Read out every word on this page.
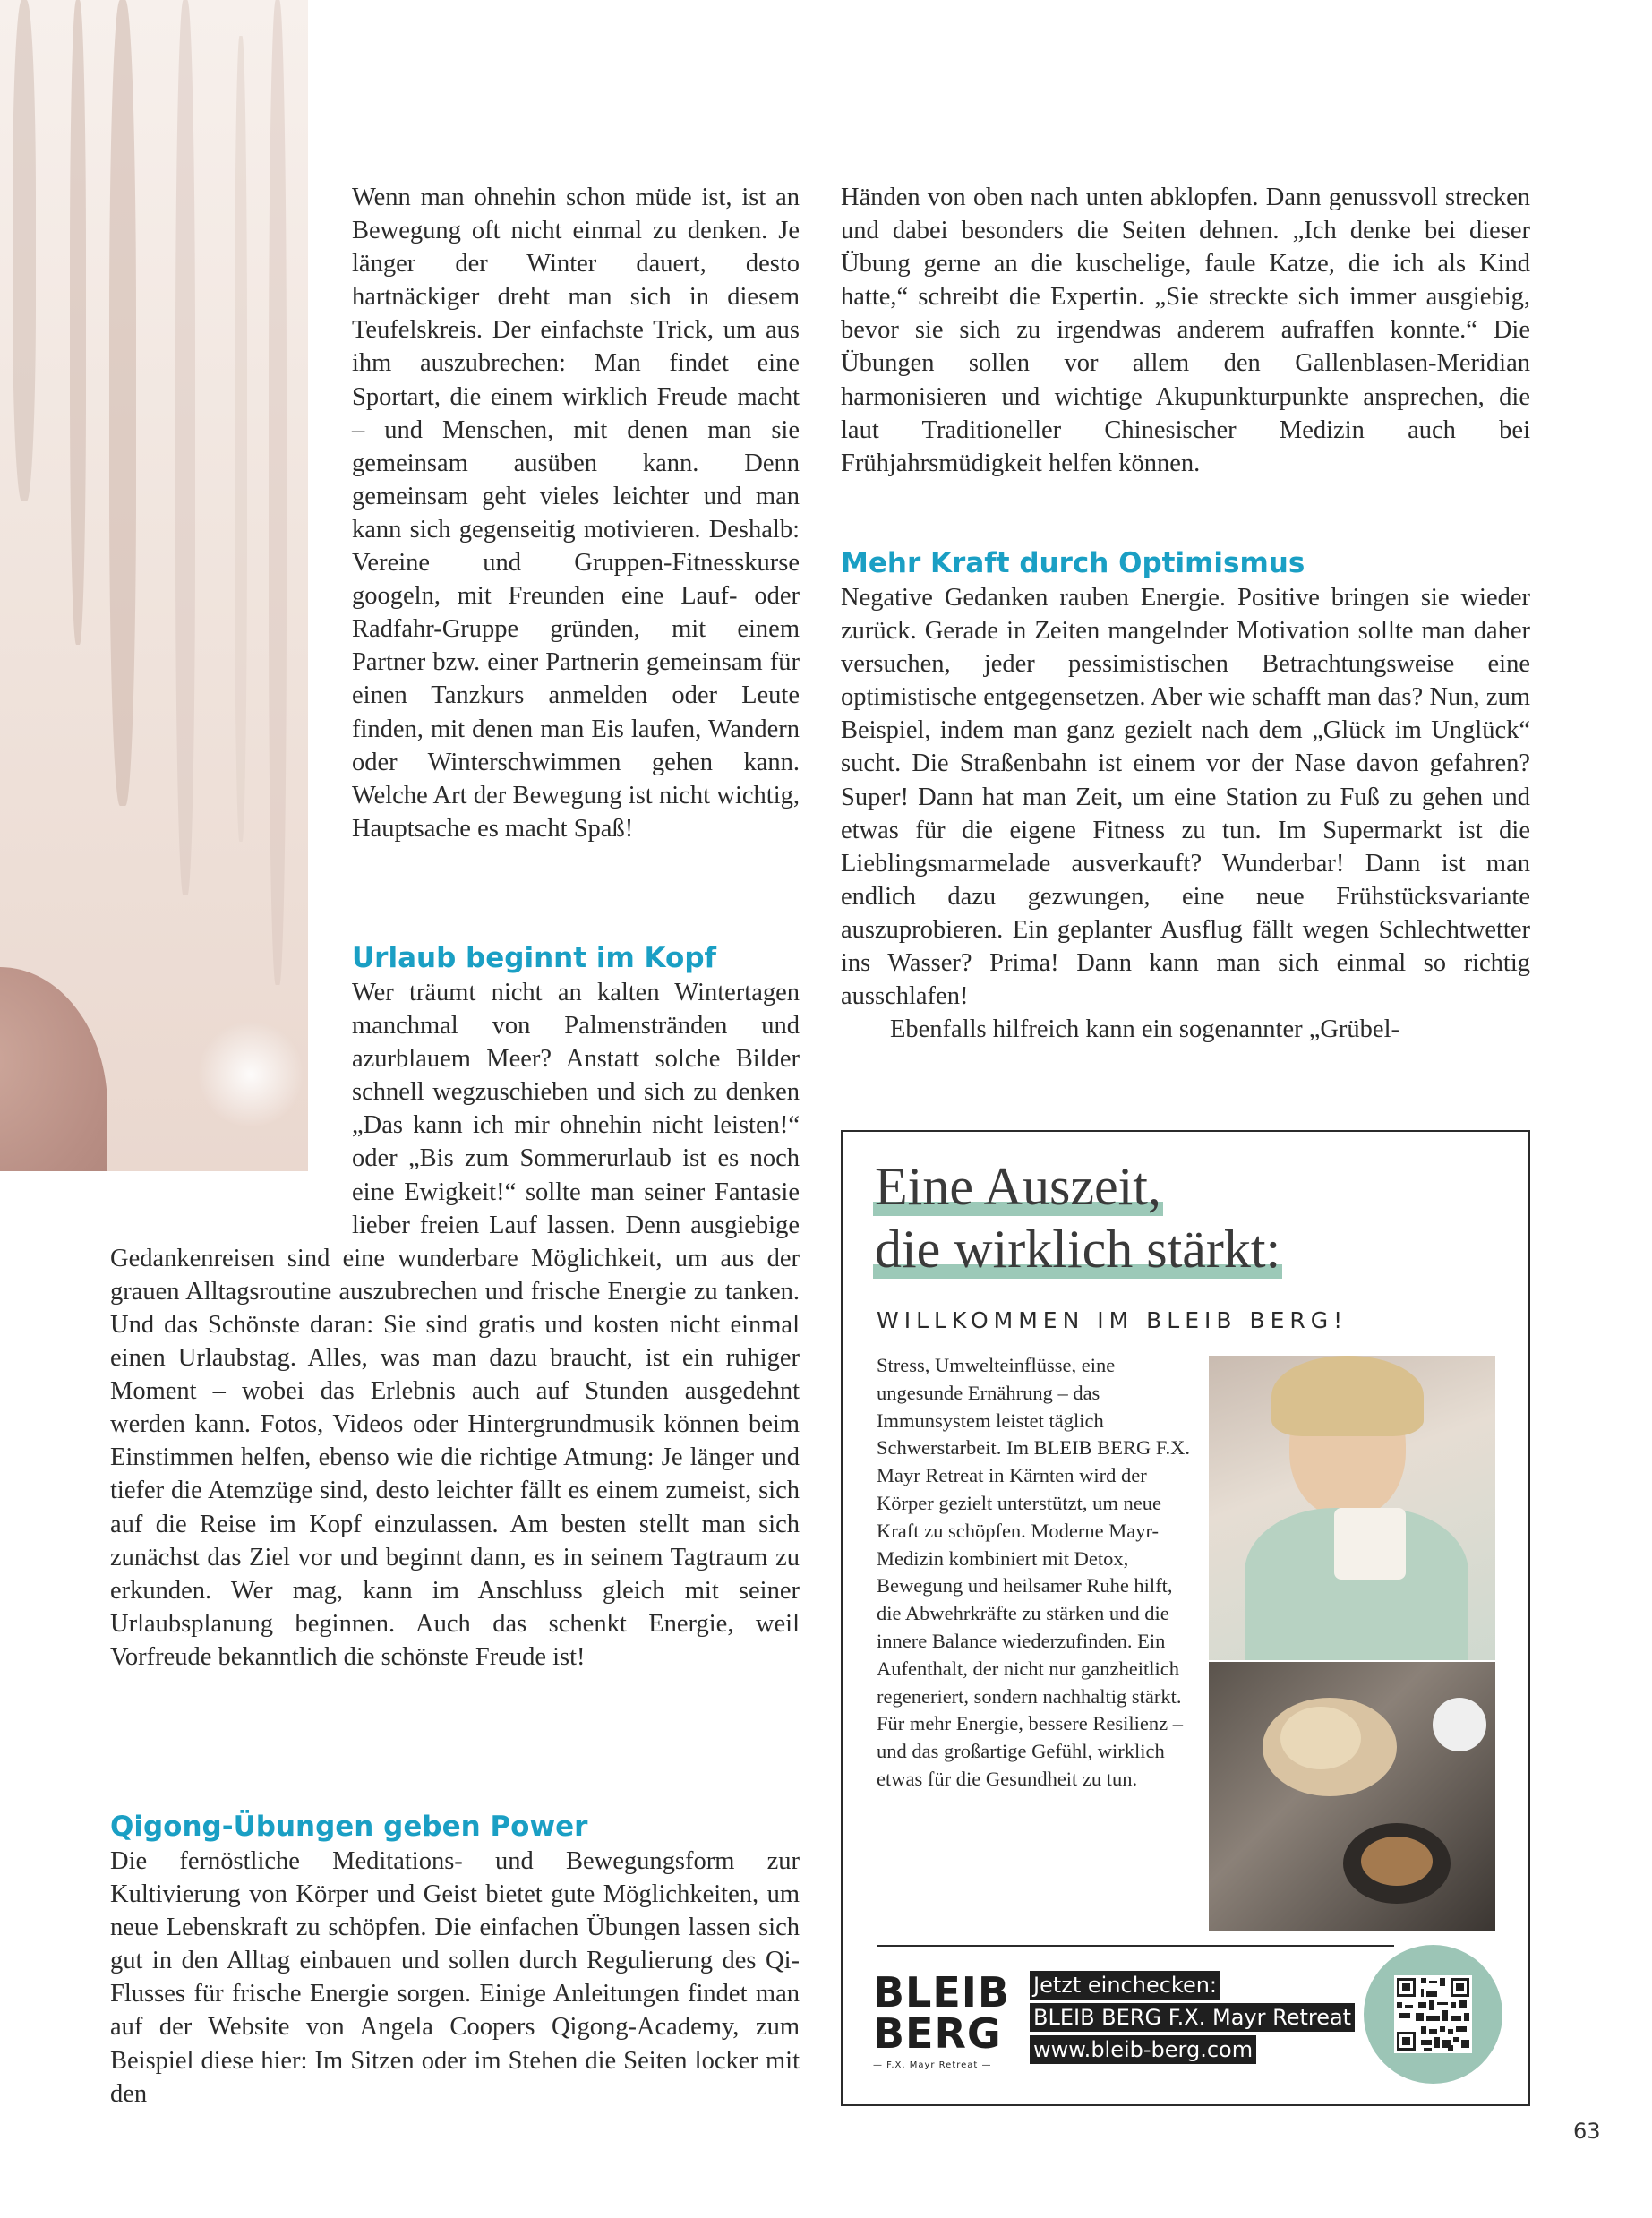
Wenn man ohnehin schon müde ist, ist an Bewegung oft nicht einmal zu denken. Je länger der Winter dauert, desto hartnäckiger dreht man sich in diesem Teufelskreis. Der einfachste Trick, um aus ihm auszubrechen: Man findet eine Sportart, die einem wirklich Freude macht – und Menschen, mit denen man sie gemeinsam ausüben kann. Denn gemeinsam geht vieles leichter und man kann sich gegenseitig motivieren. Deshalb: Vereine und Gruppen-Fitnesskurse googeln, mit Freunden eine Lauf- oder Radfahr-Gruppe gründen, mit einem Partner bzw. einer Partnerin gemeinsam für einen Tanzkurs anmelden oder Leute finden, mit denen man Eis laufen, Wandern oder Winterschwimmen gehen kann. Welche Art der Bewegung ist nicht wichtig, Hauptsache es macht Spaß!

Urlaub beginnt im Kopf

Wer träumt nicht an kalten Wintertagen manchmal von Palmenstränden und azurblauem Meer? Anstatt solche Bilder schnell wegzuschieben und sich zu denken „Das kann ich mir ohnehin nicht leisten!“ oder „Bis zum Sommerurlaub ist es noch eine Ewigkeit!“ sollte man seiner Fantasie lieber freien Lauf lassen. Denn ausgiebige Gedankenreisen sind eine wunderbare Möglichkeit, um aus der grauen Alltagsroutine auszubrechen und frische Energie zu tanken. Und das Schönste daran: Sie sind gratis und kosten nicht einmal einen Urlaubstag. Alles, was man dazu braucht, ist ein ruhiger Moment – wobei das Erlebnis auch auf Stunden ausgedehnt werden kann. Fotos, Videos oder Hintergrundmusik können beim Einstimmen helfen, ebenso wie die richtige Atmung: Je länger und tiefer die Atemzüge sind, desto leichter fällt es einem zumeist, sich auf die Reise im Kopf einzulassen. Am besten stellt man sich zunächst das Ziel vor und beginnt dann, es in seinem Tagtraum zu erkunden. Wer mag, kann im Anschluss gleich mit seiner Urlaubsplanung beginnen. Auch das schenkt Energie, weil Vorfreude bekanntlich die schönste Freude ist!

Qigong-Übungen geben Power

Die fernöstliche Meditations- und Bewegungsform zur Kultivierung von Körper und Geist bietet gute Möglichkeiten, um neue Lebenskraft zu schöpfen. Die einfachen Übungen lassen sich gut in den Alltag einbauen und sollen durch Regulierung des Qi-Flusses für frische Energie sorgen. Einige Anleitungen findet man auf der Website von Angela Coopers Qigong-Academy, zum Beispiel diese hier: Im Sitzen oder im Stehen die Seiten locker mit den

Händen von oben nach unten abklopfen. Dann genussvoll strecken und dabei besonders die Seiten dehnen. „Ich denke bei dieser Übung gerne an die kuschelige, faule Katze, die ich als Kind hatte,“ schreibt die Expertin. „Sie streckte sich immer ausgiebig, bevor sie sich zu irgendwas anderem aufraffen konnte.“ Die Übungen sollen vor allem den Gallenblasen-Meridian harmonisieren und wichtige Akupunkturpunkte ansprechen, die laut Traditioneller Chinesischer Medizin auch bei Frühjahrsmüdigkeit helfen können.

Mehr Kraft durch Optimismus

Negative Gedanken rauben Energie. Positive bringen sie wieder zurück. Gerade in Zeiten mangelnder Motivation sollte man daher versuchen, jeder pessimistischen Betrachtungsweise eine optimistische entgegensetzen. Aber wie schafft man das? Nun, zum Beispiel, indem man ganz gezielt nach dem „Glück im Unglück“ sucht. Die Straßenbahn ist einem vor der Nase davon gefahren? Super! Dann hat man Zeit, um eine Station zu Fuß zu gehen und etwas für die eigene Fitness zu tun. Im Supermarkt ist die Lieblingsmarmelade ausverkauft? Wunderbar! Dann ist man endlich dazu gezwungen, eine neue Frühstücksvariante auszuprobieren. Ein geplanter Ausflug fällt wegen Schlechtwetter ins Wasser? Prima! Dann kann man sich einmal so richtig ausschlafen!

Ebenfalls hilfreich kann ein sogenannter „Grübel-

Eine Auszeit,
die wirklich stärkt:
WILLKOMMEN IM BLEIB BERG!

Stress, Umwelteinflüsse, eine ungesunde Ernährung – das Immunsystem leistet täglich Schwerstarbeit. Im BLEIB BERG F.X. Mayr Retreat in Kärnten wird der Körper gezielt unterstützt, um neue Kraft zu schöpfen. Moderne Mayr-Medizin kombiniert mit Detox, Bewegung und heilsamer Ruhe hilft, die Abwehrkräfte zu stärken und die innere Balance wiederzufinden. Ein Aufenthalt, der nicht nur ganzheitlich regeneriert, sondern nachhaltig stärkt. Für mehr Energie, bessere Resilienz – und das großartige Gefühl, wirklich etwas für die Gesundheit zu tun.

BLEIB
BERG
— F.X. Mayr Retreat —
Jetzt einchecken:
BLEIB BERG F.X. Mayr Retreat
www.bleib-berg.com
63
